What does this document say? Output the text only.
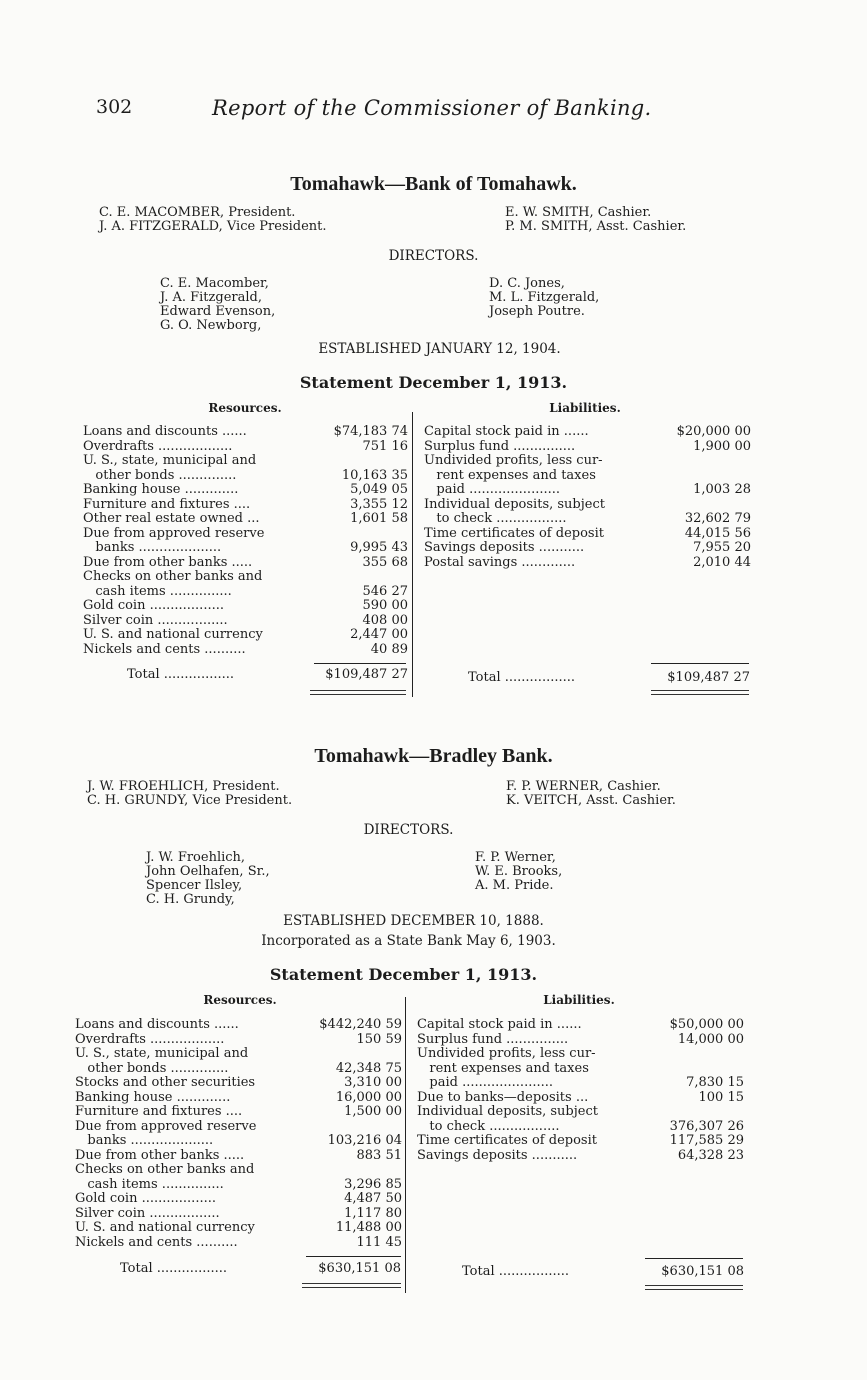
302	Report of the Commissioner of Banking.
Tomahawk—Bank of Tomahawk.
C. E. MACOMBER, President.
J. A. FITZGERALD, Vice President.
E. W. SMITH, Cashier.
P. M. SMITH, Asst. Cashier.
DIRECTORS.
C. E. Macomber,
J. A. Fitzgerald,
Edward Evenson,
G. O. Newborg,
D. C. Jones,
M. L. Fitzgerald,
Joseph Poutre.
ESTABLISHED JANUARY 12, 1904.
Statement December 1, 1913.
Resources.	Liabilities.
Loans and discounts ......	$74,183 74
Overdrafts ..................	751 16
U. S., state, municipal and
other bonds ..............	10,163 35
Banking house .............	5,049 05
Furniture and fixtures ....	3,355 12
Other real estate owned ...	1,601 58
Due from approved reserve
banks ....................	9,995 43
Due from other banks .....	355 68
Checks on other banks and
cash items ...............	546 27
Gold coin ..................	590 00
Silver coin .................	408 00
U. S. and national currency	2,447 00
Nickels and cents ..........	40 89
Capital stock paid in ......	$20,000 00
Surplus fund ...............	1,900 00
Undivided profits, less cur-
rent expenses and taxes
paid ......................	1,003 28
Individual deposits, subject
to check .................	32,602 79
Time certificates of deposit	44,015 56
Savings deposits ...........	7,955 20
Postal savings .............	2,010 44
Total .................	$109,487 27	Total .................	$109,487 27
Tomahawk—Bradley Bank.
J. W. FROEHLICH, President.
C. H. GRUNDY, Vice President.
F. P. WERNER, Cashier.
K. VEITCH, Asst. Cashier.
DIRECTORS.
J. W. Froehlich,
John Oelhafen, Sr.,
Spencer Ilsley,
C. H. Grundy,
F. P. Werner,
W. E. Brooks,
A. M. Pride.
ESTABLISHED DECEMBER 10, 1888.
Incorporated as a State Bank May 6, 1903.
Statement December 1, 1913.
Resources.	Liabilities.
Loans and discounts ......	$442,240 59
Overdrafts ..................	150 59
U. S., state, municipal and
other bonds ..............	42,348 75
Stocks and other securities	3,310 00
Banking house .............	16,000 00
Furniture and fixtures ....	1,500 00
Due from approved reserve
banks ....................	103,216 04
Due from other banks .....	883 51
Checks on other banks and
cash items ...............	3,296 85
Gold coin ..................	4,487 50
Silver coin .................	1,117 80
U. S. and national currency	11,488 00
Nickels and cents ..........	111 45
Capital stock paid in ......	$50,000 00
Surplus fund ...............	14,000 00
Undivided profits, less cur-
rent expenses and taxes
paid ......................	7,830 15
Due to banks—deposits ...	100 15
Individual deposits, subject
to check .................	376,307 26
Time certificates of deposit	117,585 29
Savings deposits ...........	64,328 23
Total .................	$630,151 08	Total .................	$630,151 08
